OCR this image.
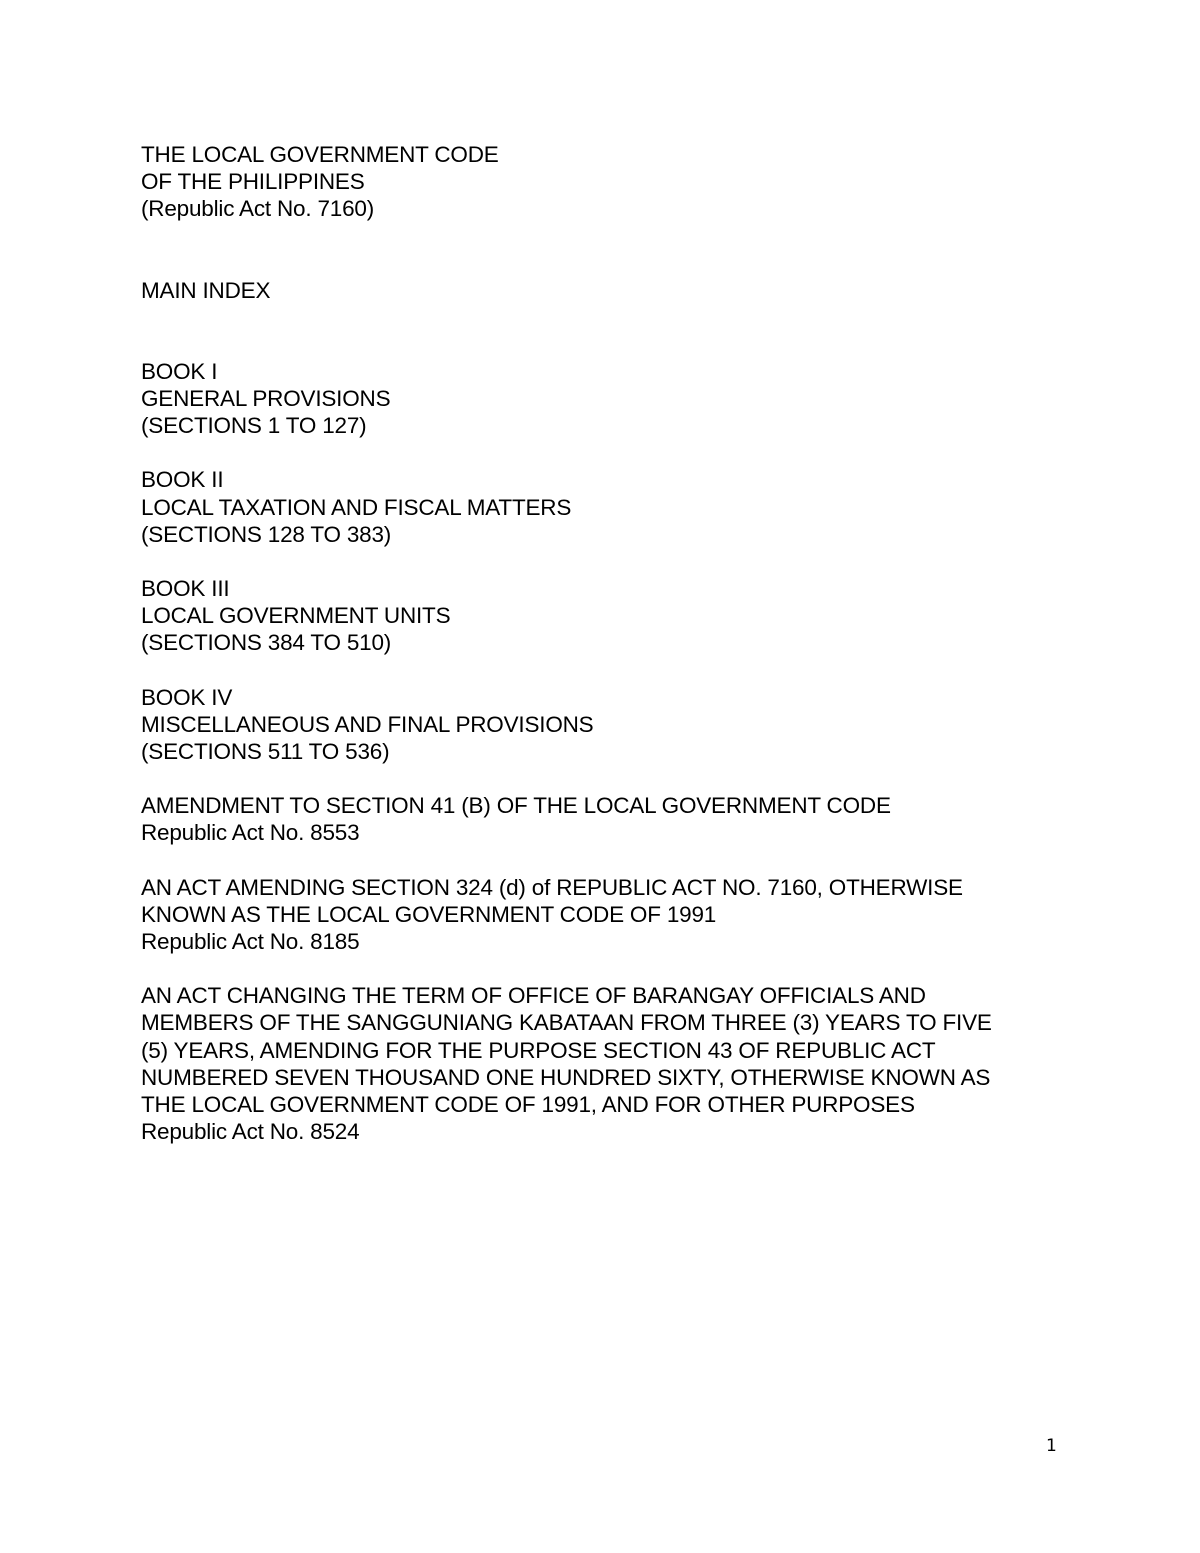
THE LOCAL GOVERNMENT CODE
OF THE PHILIPPINES
(Republic Act No. 7160)
MAIN INDEX
BOOK I
GENERAL PROVISIONS
(SECTIONS 1 TO 127)
BOOK II
LOCAL TAXATION AND FISCAL MATTERS
(SECTIONS 128 TO 383)
BOOK III
LOCAL GOVERNMENT UNITS
(SECTIONS 384 TO 510)
BOOK IV
MISCELLANEOUS AND FINAL PROVISIONS
(SECTIONS 511 TO 536)
AMENDMENT TO SECTION 41 (B) OF THE LOCAL GOVERNMENT CODE
Republic Act No. 8553
AN ACT AMENDING SECTION 324 (d) of REPUBLIC ACT NO. 7160, OTHERWISE
KNOWN AS THE LOCAL GOVERNMENT CODE OF 1991
Republic Act No. 8185
AN ACT CHANGING THE TERM OF OFFICE OF BARANGAY OFFICIALS AND
MEMBERS OF THE SANGGUNIANG KABATAAN FROM THREE (3) YEARS TO FIVE
(5) YEARS, AMENDING FOR THE PURPOSE SECTION 43 OF REPUBLIC ACT
NUMBERED SEVEN THOUSAND ONE HUNDRED SIXTY, OTHERWISE KNOWN AS
THE LOCAL GOVERNMENT CODE OF 1991, AND FOR OTHER PURPOSES
Republic Act No. 8524
1
